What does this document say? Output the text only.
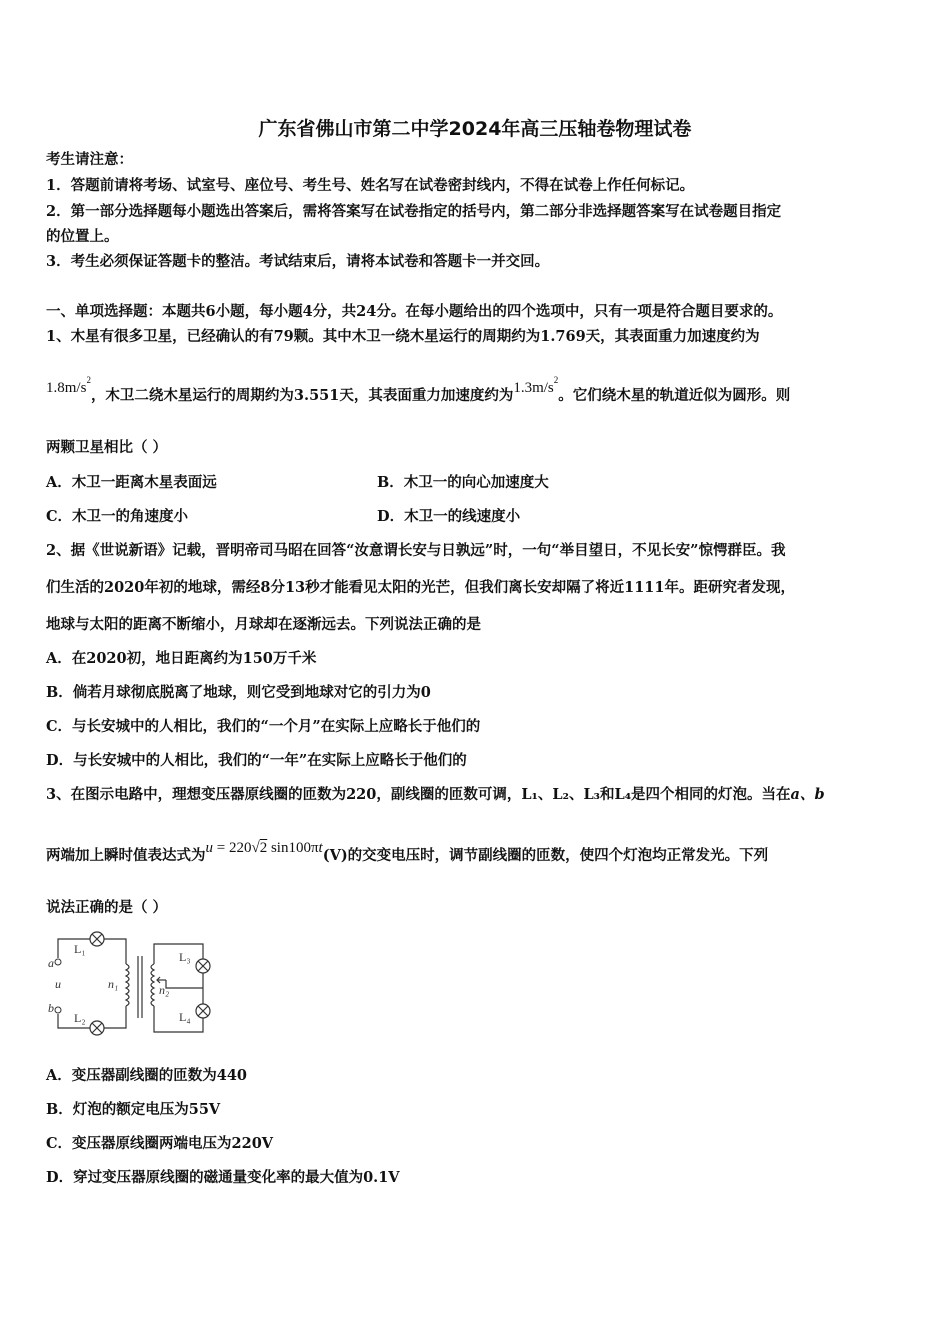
广东省佛山市第二中学2024年高三压轴卷物理试卷
考生请注意：
1．答题前请将考场、试室号、座位号、考生号、姓名写在试卷密封线内，不得在试卷上作任何标记。
2．第一部分选择题每小题选出答案后，需将答案写在试卷指定的括号内，第二部分非选择题答案写在试卷题目指定
的位置上。
3．考生必须保证答题卡的整洁。考试结束后，请将本试卷和答题卡一并交回。
一、单项选择题：本题共6小题，每小题4分，共24分。在每小题给出的四个选项中，只有一项是符合题目要求的。
1、木星有很多卫星，已经确认的有79颗。其中木卫一绕木星运行的周期约为1.769天，其表面重力加速度约为
$1.8m/s^2$，木卫二绕木星运行的周期约为3.551天，其表面重力加速度约为$1.3m/s^2$。它们绕木星的轨道近似为圆形。则
两颗卫星相比（ ）
A．木卫一距离木星表面远	B．木卫一的向心加速度大
C．木卫一的角速度小	D．木卫一的线速度小
2、据《世说新语》记载，晋明帝司马昭在回答“汝意谓长安与日孰远”时，一句“举目望日，不见长安”惊愕群臣。我
们生活的2020年初的地球，需经8分13秒才能看见太阳的光芒，但我们离长安却隔了将近1111年。距研究者发现，
地球与太阳的距离不断缩小，月球却在逐渐远去。下列说法正确的是
A．在2020初，地日距离约为150万千米
B．倘若月球彻底脱离了地球，则它受到地球对它的引力为0
C．与长安城中的人相比，我们的“一个月”在实际上应略长于他们的
D．与长安城中的人相比，我们的“一年”在实际上应略长于他们的
3、在图示电路中，理想变压器原线圈的匝数为220，副线圈的匝数可调，L₁、L₂、L₃和L₄是四个相同的灯泡。当在a、b
两端加上瞬时值表达式为u = 220√2 sin100πt(V)的交变电压时，调节副线圈的匝数，使四个灯泡均正常发光。下列
说法正确的是（ ）
L₁
L₂
L₃
L₄
a
u
b
n₁	n₂
A．变压器副线圈的匝数为440
B．灯泡的额定电压为55V
C．变压器原线圈两端电压为220V
D．穿过变压器原线圈的磁通量变化率的最大值为0.1V
